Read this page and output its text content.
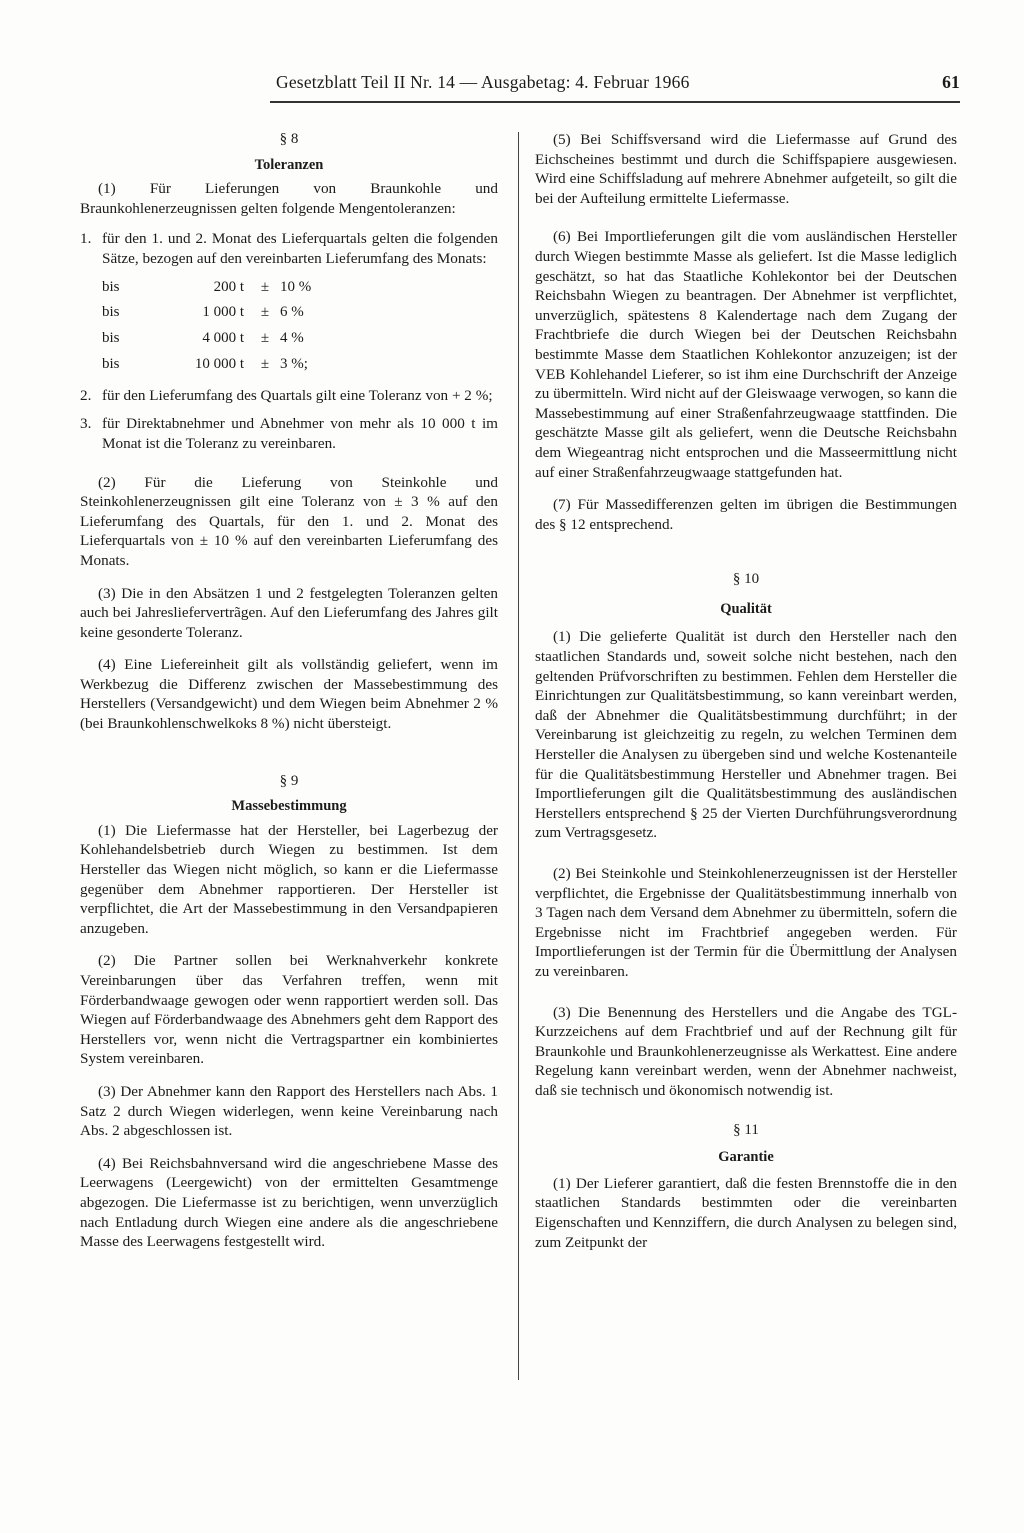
Gesetzblatt Teil II Nr. 14 — Ausgabetag: 4. Februar 1966	61
§ 8
Toleranzen

(1) Für Lieferungen von Braunkohle und Braunkohlenerzeugnissen gelten folgende Mengentoleranzen:

1. für den 1. und 2. Monat des Lieferquartals gelten die folgenden Sätze, bezogen auf den vereinbarten Lieferumfang des Monats:
bis	200 t	±	10 %
bis	1 000 t	±	6 %
bis	4 000 t	±	4 %
bis	10 000 t	±	3 %;
2. für den Lieferumfang des Quartals gilt eine Toleranz von + 2 %;
3. für Direktabnehmer und Abnehmer von mehr als 10 000 t im Monat ist die Toleranz zu vereinbaren.

(2) Für die Lieferung von Steinkohle und Steinkohlenerzeugnissen gilt eine Toleranz von ± 3 % auf den Lieferumfang des Quartals, für den 1. und 2. Monat des Lieferquartals von ± 10 % auf den vereinbarten Lieferumfang des Monats.

(3) Die in den Absätzen 1 und 2 festgelegten Toleranzen gelten auch bei Jahresliefervertrãgen. Auf den Lieferumfang des Jahres gilt keine gesonderte Toleranz.

(4) Eine Liefereinheit gilt als vollständig geliefert, wenn im Werkbezug die Differenz zwischen der Massebestimmung des Herstellers (Versandgewicht) und dem Wiegen beim Abnehmer 2 % (bei Braunkohlenschwelkoks 8 %) nicht übersteigt.

§ 9
Massebestimmung

(1) Die Liefermasse hat der Hersteller, bei Lagerbezug der Kohlehandelsbetrieb durch Wiegen zu bestimmen. Ist dem Hersteller das Wiegen nicht möglich, so kann er die Liefermasse gegenüber dem Abnehmer rapportieren. Der Hersteller ist verpflichtet, die Art der Massebestimmung in den Versandpapieren anzugeben.

(2) Die Partner sollen bei Werknahverkehr konkrete Vereinbarungen über das Verfahren treffen, wenn mit Förderbandwaage gewogen oder wenn rapportiert werden soll. Das Wiegen auf Förderbandwaage des Abnehmers geht dem Rapport des Herstellers vor, wenn nicht die Vertragspartner ein kombiniertes System vereinbaren.

(3) Der Abnehmer kann den Rapport des Herstellers nach Abs. 1 Satz 2 durch Wiegen widerlegen, wenn keine Vereinbarung nach Abs. 2 abgeschlossen ist.

(4) Bei Reichsbahnversand wird die angeschriebene Masse des Leerwagens (Leergewicht) von der ermittelten Gesamtmenge abgezogen. Die Liefermasse ist zu berichtigen, wenn unverzüglich nach Entladung durch Wiegen eine andere als die angeschriebene Masse des Leerwagens festgestellt wird.

(5) Bei Schiffsversand wird die Liefermasse auf Grund des Eichscheines bestimmt und durch die Schiffspapiere ausgewiesen. Wird eine Schiffsladung auf mehrere Abnehmer aufgeteilt, so gilt die bei der Aufteilung ermittelte Liefermasse.

(6) Bei Importlieferungen gilt die vom ausländischen Hersteller durch Wiegen bestimmte Masse als geliefert. Ist die Masse lediglich geschätzt, so hat das Staatliche Kohlekontor bei der Deutschen Reichsbahn Wiegen zu beantragen. Der Abnehmer ist verpflichtet, unverzüglich, spätestens 8 Kalendertage nach dem Zugang der Frachtbriefe die durch Wiegen bei der Deutschen Reichsbahn bestimmte Masse dem Staatlichen Kohlekontor anzuzeigen; ist der VEB Kohlehandel Lieferer, so ist ihm eine Durchschrift der Anzeige zu übermitteln. Wird nicht auf der Gleiswaage verwogen, so kann die Massebestimmung auf einer Straßenfahrzeugwaage stattfinden. Die geschätzte Masse gilt als geliefert, wenn die Deutsche Reichsbahn dem Wiegeantrag nicht entsprochen und die Masseermittlung nicht auf einer Straßenfahrzeugwaage stattgefunden hat.

(7) Für Massedifferenzen gelten im übrigen die Bestimmungen des § 12 entsprechend.

§ 10
Qualität

(1) Die gelieferte Qualität ist durch den Hersteller nach den staatlichen Standards und, soweit solche nicht bestehen, nach den geltenden Prüfvorschriften zu bestimmen. Fehlen dem Hersteller die Einrichtungen zur Qualitätsbestimmung, so kann vereinbart werden, daß der Abnehmer die Qualitätsbestimmung durchführt; in der Vereinbarung ist gleichzeitig zu regeln, zu welchen Terminen dem Hersteller die Analysen zu übergeben sind und welche Kostenanteile für die Qualitätsbestimmung Hersteller und Abnehmer tragen. Bei Importlieferungen gilt die Qualitätsbestimmung des ausländischen Herstellers entsprechend § 25 der Vierten Durchführungsverordnung zum Vertragsgesetz.

(2) Bei Steinkohle und Steinkohlenerzeugnissen ist der Hersteller verpflichtet, die Ergebnisse der Qualitätsbestimmung innerhalb von 3 Tagen nach dem Versand dem Abnehmer zu übermitteln, sofern die Ergebnisse nicht im Frachtbrief angegeben werden. Für Importlieferungen ist der Termin für die Übermittlung der Analysen zu vereinbaren.

(3) Die Benennung des Herstellers und die Angabe des TGL-Kurzzeichens auf dem Frachtbrief und auf der Rechnung gilt für Braunkohle und Braunkohlenerzeugnisse als Werkattest. Eine andere Regelung kann vereinbart werden, wenn der Abnehmer nachweist, daß sie technisch und ökonomisch notwendig ist.

§ 11
Garantie

(1) Der Lieferer garantiert, daß die festen Brennstoffe die in den staatlichen Standards bestimmten oder die vereinbarten Eigenschaften und Kennziffern, die durch Analysen zu belegen sind, zum Zeitpunkt der
